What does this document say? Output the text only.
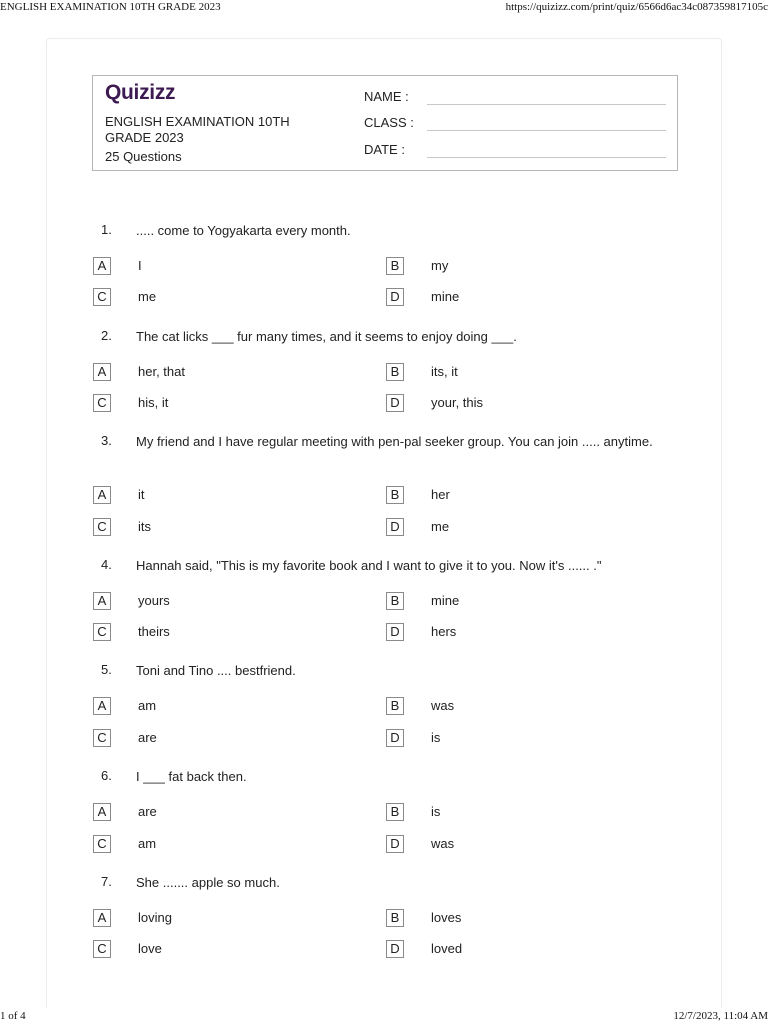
ENGLISH EXAMINATION 10TH GRADE 2023	https://quizizz.com/print/quiz/6566d6ac34c087359817105c
Quizizz
ENGLISH EXAMINATION 10TH GRADE 2023
25 Questions
NAME :
CLASS :
DATE :
1. ..... come to Yogyakarta every month.
A	I	B	my
C	me	D	mine
2. The cat licks ___ fur many times, and it seems to enjoy doing ___.
A	her, that	B	its, it
C	his, it	D	your, this
3. My friend and I have regular meeting with pen-pal seeker group. You can join ..... anytime.
A	it	B	her
C	its	D	me
4. Hannah said, "This is my favorite book and I want to give it to you. Now it's ...... ."
A	yours	B	mine
C	theirs	D	hers
5. Toni and Tino .... bestfriend.
A	am	B	was
C	are	D	is
6. I ___ fat back then.
A	are	B	is
C	am	D	was
7. She ....... apple so much.
A	loving	B	loves
C	love	D	loved
1 of 4	12/7/2023, 11:04 AM
